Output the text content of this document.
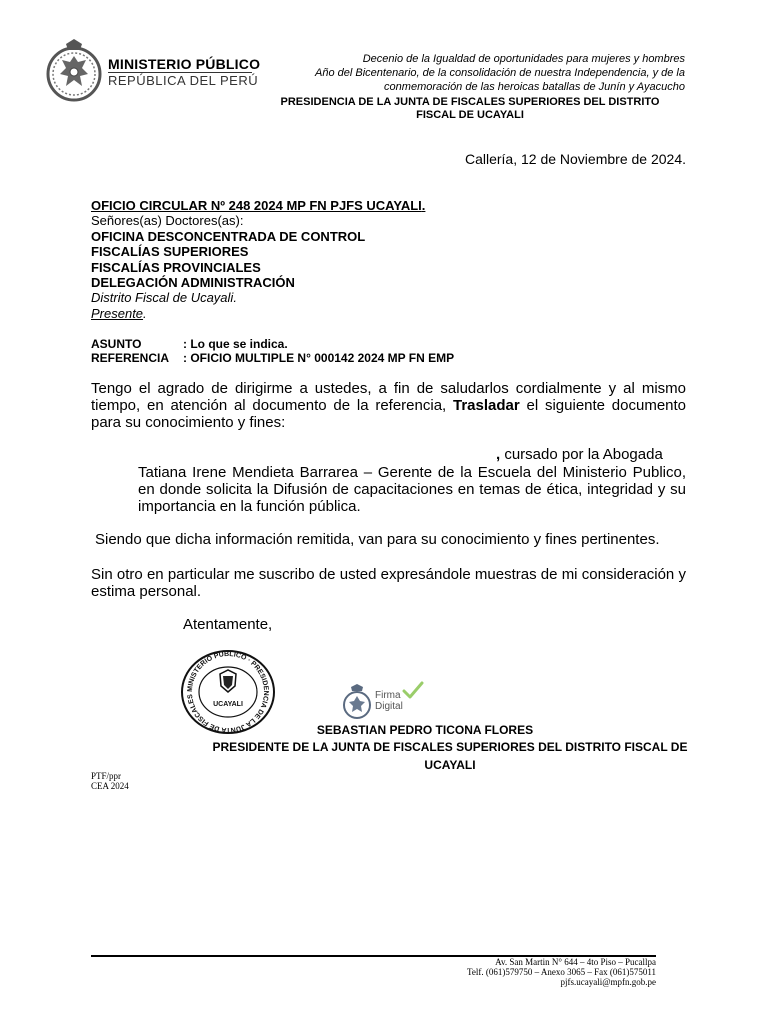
MINISTERIO PÚBLICO
REPÚBLICA DEL PERÚ
Decenio de la Igualdad de oportunidades para mujeres y hombres
Año del Bicentenario, de la consolidación de nuestra Independencia, y de la
conmemoración de las heroicas batallas de Junín y Ayacucho
PRESIDENCIA DE LA JUNTA DE FISCALES SUPERIORES DEL DISTRITO
FISCAL DE UCAYALI
Callería, 12 de Noviembre de 2024.
OFICIO CIRCULAR Nº 248 2024 MP FN PJFS UCAYALI.
Señores(as) Doctores(as):
OFICINA DESCONCENTRADA DE CONTROL
FISCALÍAS SUPERIORES
FISCALÍAS PROVINCIALES
DELEGACIÓN ADMINISTRACIÓN
Distrito Fiscal de Ucayali.
Presente.
ASUNTO	: Lo que se indica.
REFERENCIA : OFICIO MULTIPLE N° 000142 2024 MP FN EMP
Tengo el agrado de dirigirme a ustedes, a fin de saludarlos cordialmente y al mismo tiempo, en atención al documento de la referencia, Trasladar el siguiente documento para su conocimiento y fines:
, cursado por la Abogada
Tatiana Irene Mendieta Barrarea – Gerente de la Escuela del Ministerio Publico, en donde solicita la Difusión de capacitaciones en temas de ética, integridad y su importancia en la función pública.
Siendo que dicha información remitida, van para su conocimiento y fines pertinentes.
Sin otro en particular me suscribo de usted expresándole muestras de mi consideración y estima personal.
Atentamente,
MINISTERIO PUBLICO · PRESIDENCIA DE LA JUNTA DE FISCALES
UCAYALI
Firma
Digital
SEBASTIAN PEDRO TICONA FLORES
PRESIDENTE DE LA JUNTA DE FISCALES SUPERIORES DEL DISTRITO FISCAL DE
UCAYALI
PTF/ppr
CEA 2024
Av. San Martin N° 644 – 4to Piso – Pucallpa
Telf. (061)579750 – Anexo 3065 – Fax (061)575011
pjfs.ucayali@mpfn.gob.pe
